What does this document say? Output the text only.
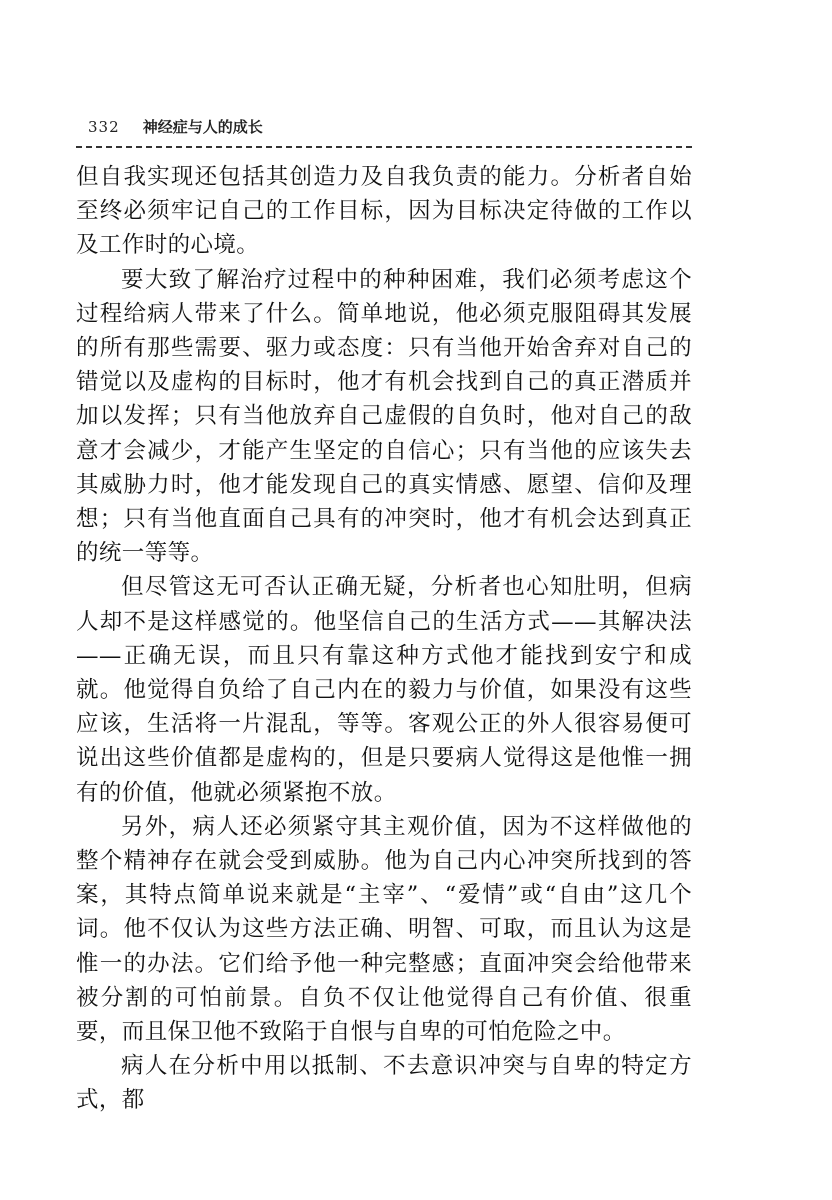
332 神经症与人的成长

但自我实现还包括其创造力及自我负责的能力。分析者自始至终必须牢记自己的工作目标，因为目标决定待做的工作以及工作时的心境。

要大致了解治疗过程中的种种困难，我们必须考虑这个过程给病人带来了什么。简单地说，他必须克服阻碍其发展的所有那些需要、驱力或态度：只有当他开始舍弃对自己的错觉以及虚构的目标时，他才有机会找到自己的真正潜质并加以发挥；只有当他放弃自己虚假的自负时，他对自己的敌意才会减少，才能产生坚定的自信心；只有当他的应该失去其威胁力时，他才能发现自己的真实情感、愿望、信仰及理想；只有当他直面自己具有的冲突时，他才有机会达到真正的统一等等。

但尽管这无可否认正确无疑，分析者也心知肚明，但病人却不是这样感觉的。他坚信自己的生活方式——其解决法——正确无误，而且只有靠这种方式他才能找到安宁和成就。他觉得自负给了自己内在的毅力与价值，如果没有这些应该，生活将一片混乱，等等。客观公正的外人很容易便可说出这些价值都是虚构的，但是只要病人觉得这是他惟一拥有的价值，他就必须紧抱不放。

另外，病人还必须紧守其主观价值，因为不这样做他的整个精神存在就会受到威胁。他为自己内心冲突所找到的答案，其特点简单说来就是“主宰”、“爱情”或“自由”这几个词。他不仅认为这些方法正确、明智、可取，而且认为这是惟一的办法。它们给予他一种完整感；直面冲突会给他带来被分割的可怕前景。自负不仅让他觉得自己有价值、很重要，而且保卫他不致陷于自恨与自卑的可怕危险之中。

病人在分析中用以抵制、不去意识冲突与自卑的特定方式，都
